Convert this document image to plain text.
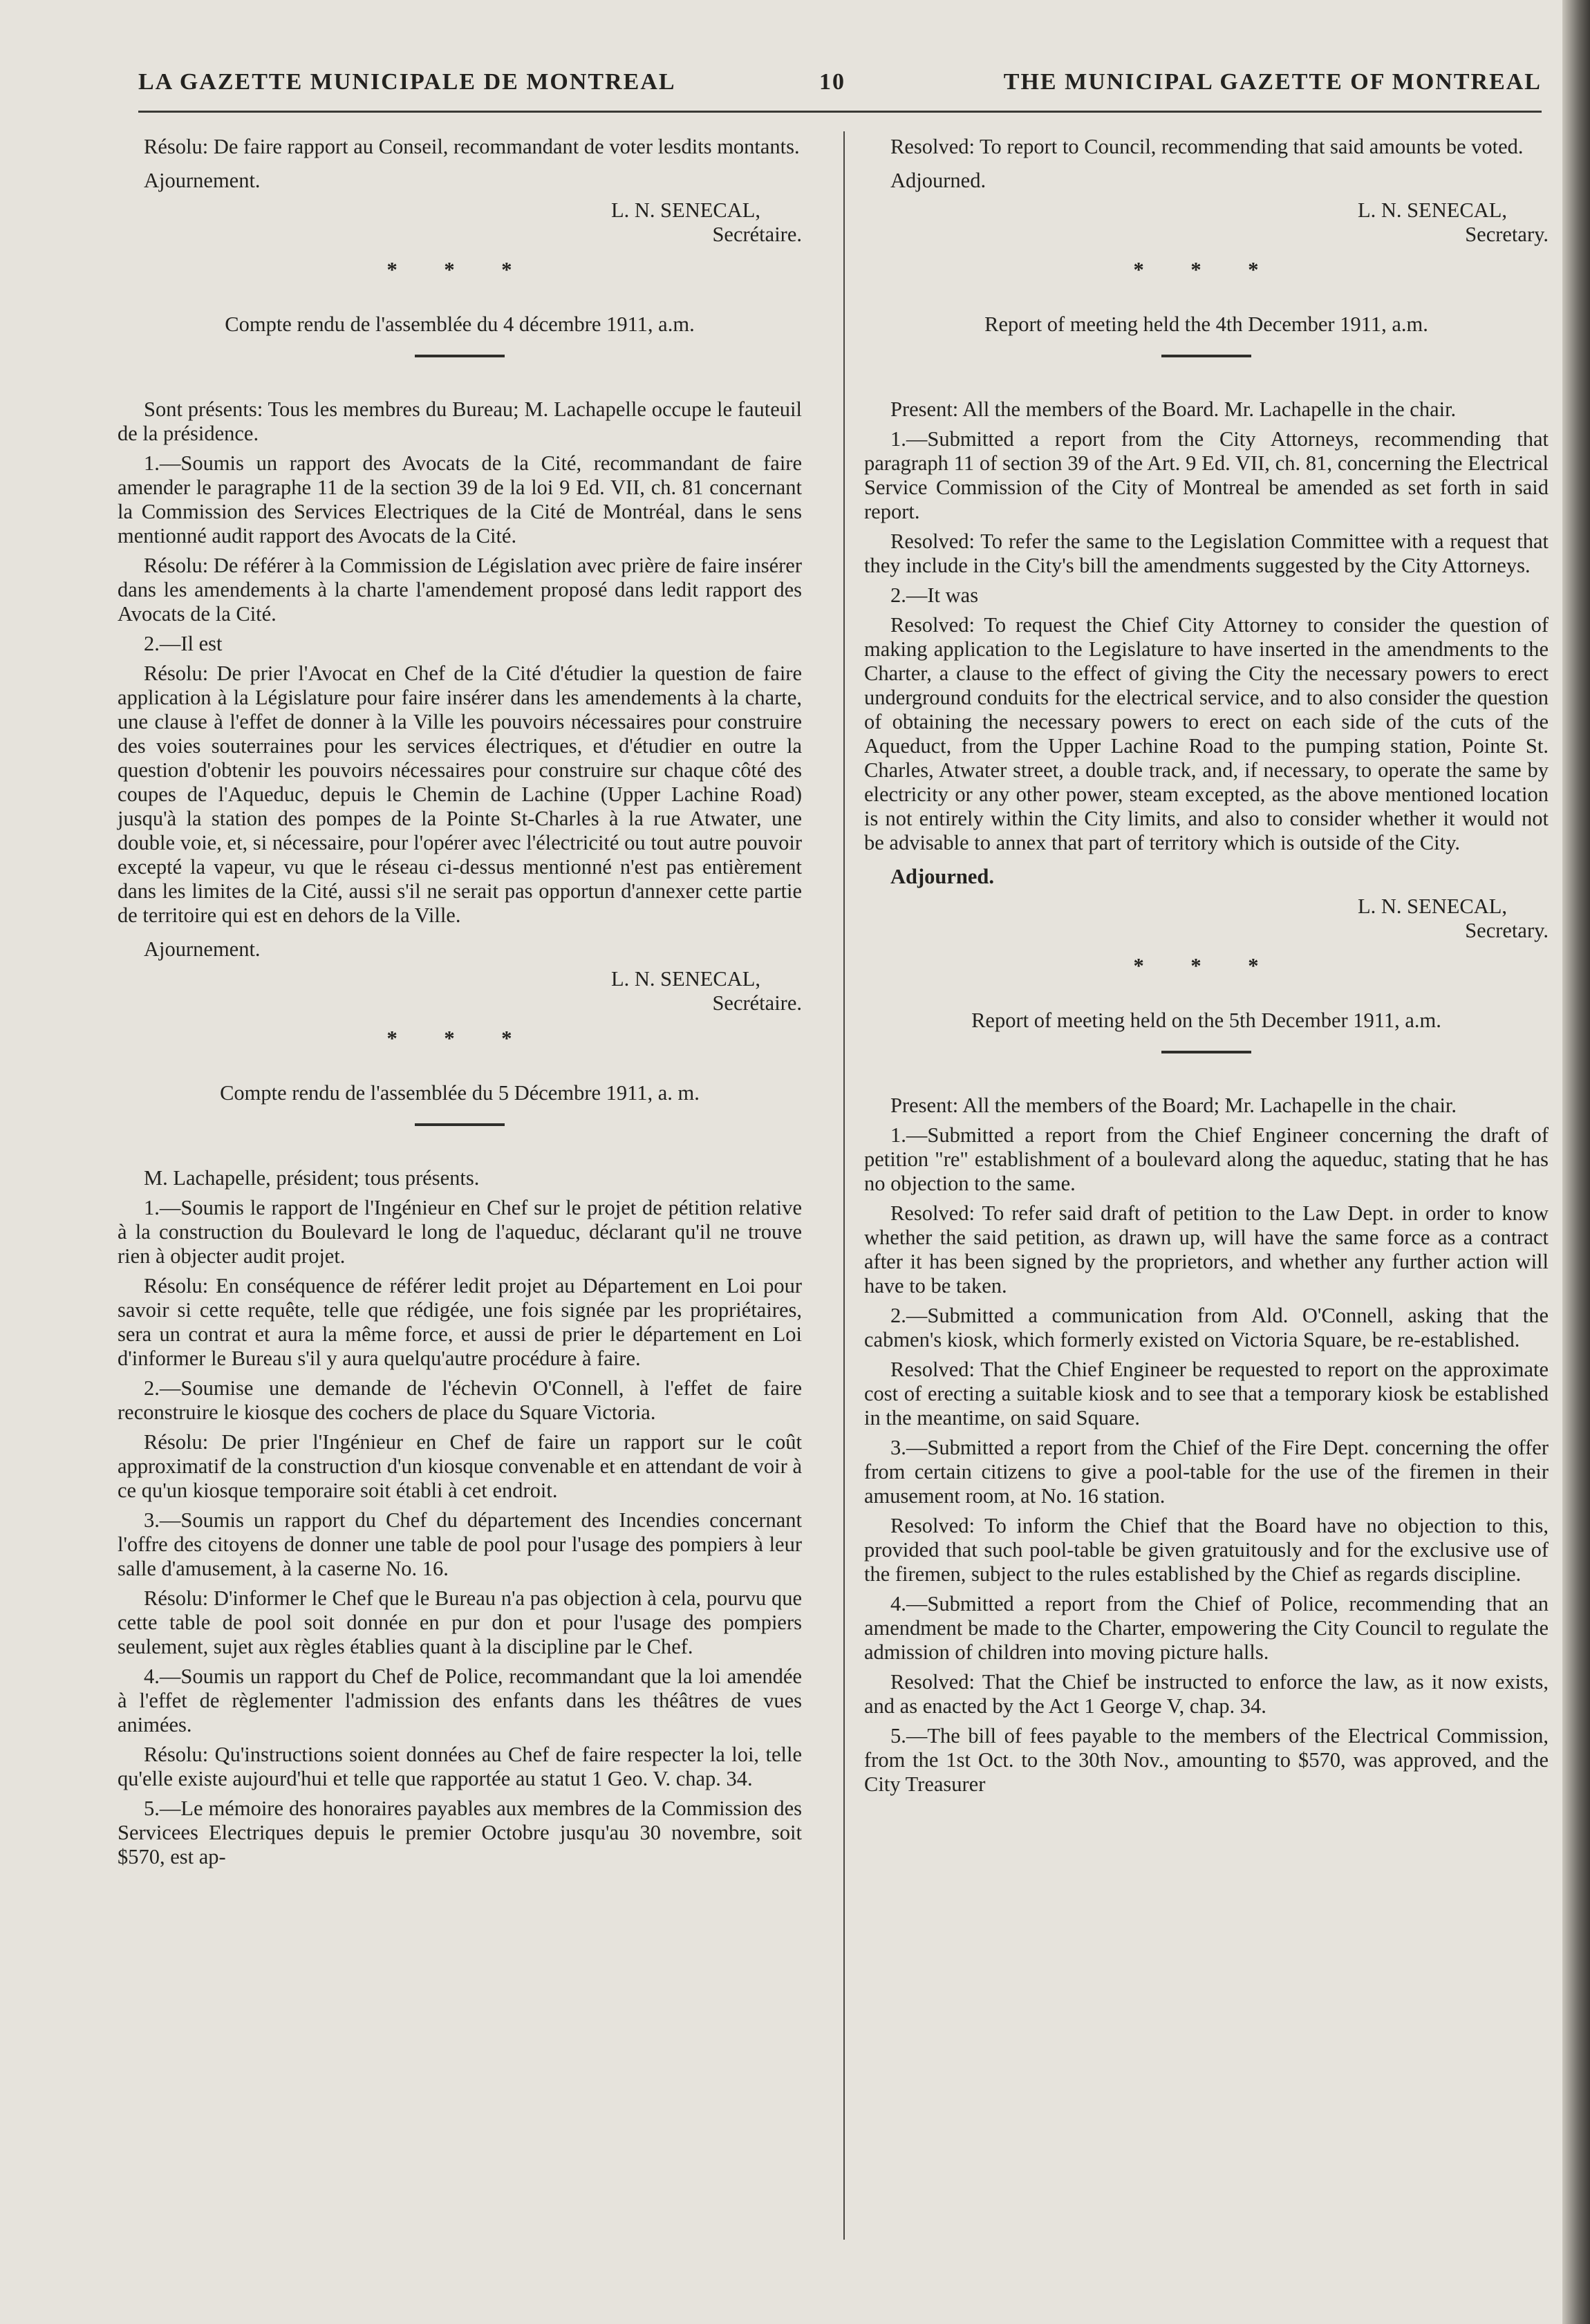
LA GAZETTE MUNICIPALE DE MONTREAL	10	THE MUNICIPAL GAZETTE OF MONTREAL

Résolu: De faire rapport au Conseil, recommandant de voter lesdits montants.

Ajournement.

L. N. SENECAL,

Secrétaire.

* * *

Compte rendu de l'assemblée du 4 décembre 1911, a.m.

Sont présents: Tous les membres du Bureau; M. Lachapelle occupe le fauteuil de la présidence.

1.—Soumis un rapport des Avocats de la Cité, recommandant de faire amender le paragraphe 11 de la section 39 de la loi 9 Ed. VII, ch. 81 concernant la Commission des Services Electriques de la Cité de Montréal, dans le sens mentionné audit rapport des Avocats de la Cité.

Résolu: De référer à la Commission de Législation avec prière de faire insérer dans les amendements à la charte l'amendement proposé dans ledit rapport des Avocats de la Cité.

2.—Il est

Résolu: De prier l'Avocat en Chef de la Cité d'étudier la question de faire application à la Législature pour faire insérer dans les amendements à la charte, une clause à l'effet de donner à la Ville les pouvoirs nécessaires pour construire des voies souterraines pour les services électriques, et d'étudier en outre la question d'obtenir les pouvoirs nécessaires pour construire sur chaque côté des coupes de l'Aqueduc, depuis le Chemin de Lachine (Upper Lachine Road) jusqu'à la station des pompes de la Pointe St-Charles à la rue Atwater, une double voie, et, si nécessaire, pour l'opérer avec l'électricité ou tout autre pouvoir excepté la vapeur, vu que le réseau ci-dessus mentionné n'est pas entièrement dans les limites de la Cité, aussi s'il ne serait pas opportun d'annexer cette partie de territoire qui est en dehors de la Ville.

Ajournement.

L. N. SENECAL,

Secrétaire.

* * *

Compte rendu de l'assemblée du 5 Décembre 1911, a. m.

M. Lachapelle, président; tous présents.

1.—Soumis le rapport de l'Ingénieur en Chef sur le projet de pétition relative à la construction du Boulevard le long de l'aqueduc, déclarant qu'il ne trouve rien à objecter audit projet.

Résolu: En conséquence de référer ledit projet au Département en Loi pour savoir si cette requête, telle que rédigée, une fois signée par les propriétaires, sera un contrat et aura la même force, et aussi de prier le département en Loi d'informer le Bureau s'il y aura quelqu'autre procédure à faire.

2.—Soumise une demande de l'échevin O'Connell, à l'effet de faire reconstruire le kiosque des cochers de place du Square Victoria.

Résolu: De prier l'Ingénieur en Chef de faire un rapport sur le coût approximatif de la construction d'un kiosque convenable et en attendant de voir à ce qu'un kiosque temporaire soit établi à cet endroit.

3.—Soumis un rapport du Chef du département des Incendies concernant l'offre des citoyens de donner une table de pool pour l'usage des pompiers à leur salle d'amusement, à la caserne No. 16.

Résolu: D'informer le Chef que le Bureau n'a pas objection à cela, pourvu que cette table de pool soit donnée en pur don et pour l'usage des pompiers seulement, sujet aux règles établies quant à la discipline par le Chef.

4.—Soumis un rapport du Chef de Police, recommandant que la loi amendée à l'effet de règlementer l'admission des enfants dans les théâtres de vues animées.

Résolu: Qu'instructions soient données au Chef de faire respecter la loi, telle qu'elle existe aujourd'hui et telle que rapportée au statut 1 Geo. V. chap. 34.

5.—Le mémoire des honoraires payables aux membres de la Commission des Servicees Electriques depuis le premier Octobre jusqu'au 30 novembre, soit $570, est ap-

Resolved: To report to Council, recommending that said amounts be voted.

Adjourned.

L. N. SENECAL,

Secretary.

* * *

Report of meeting held the 4th December 1911, a.m.

Present: All the members of the Board. Mr. Lachapelle in the chair.

1.—Submitted a report from the City Attorneys, recommending that paragraph 11 of section 39 of the Art. 9 Ed. VII, ch. 81, concerning the Electrical Service Commission of the City of Montreal be amended as set forth in said report.

Resolved: To refer the same to the Legislation Committee with a request that they include in the City's bill the amendments suggested by the City Attorneys.

2.—It was

Resolved: To request the Chief City Attorney to consider the question of making application to the Legislature to have inserted in the amendments to the Charter, a clause to the effect of giving the City the necessary powers to erect underground conduits for the electrical service, and to also consider the question of obtaining the necessary powers to erect on each side of the cuts of the Aqueduct, from the Upper Lachine Road to the pumping station, Pointe St. Charles, Atwater street, a double track, and, if necessary, to operate the same by electricity or any other power, steam excepted, as the above mentioned location is not entirely within the City limits, and also to consider whether it would not be advisable to annex that part of territory which is outside of the City.

Adjourned.

L. N. SENECAL,

Secretary.

* * *

Report of meeting held on the 5th December 1911, a.m.

Present: All the members of the Board; Mr. Lachapelle in the chair.

1.—Submitted a report from the Chief Engineer concerning the draft of petition "re" establishment of a boulevard along the aqueduc, stating that he has no objection to the same.

Resolved: To refer said draft of petition to the Law Dept. in order to know whether the said petition, as drawn up, will have the same force as a contract after it has been signed by the proprietors, and whether any further action will have to be taken.

2.—Submitted a communication from Ald. O'Connell, asking that the cabmen's kiosk, which formerly existed on Victoria Square, be re-established.

Resolved: That the Chief Engineer be requested to report on the approximate cost of erecting a suitable kiosk and to see that a temporary kiosk be established in the meantime, on said Square.

3.—Submitted a report from the Chief of the Fire Dept. concerning the offer from certain citizens to give a pool-table for the use of the firemen in their amusement room, at No. 16 station.

Resolved: To inform the Chief that the Board have no objection to this, provided that such pool-table be given gratuitously and for the exclusive use of the firemen, subject to the rules established by the Chief as regards discipline.

4.—Submitted a report from the Chief of Police, recommending that an amendment be made to the Charter, empowering the City Council to regulate the admission of children into moving picture halls.

Resolved: That the Chief be instructed to enforce the law, as it now exists, and as enacted by the Act 1 George V, chap. 34.

5.—The bill of fees payable to the members of the Electrical Commission, from the 1st Oct. to the 30th Nov., amounting to $570, was approved, and the City Treasurer
